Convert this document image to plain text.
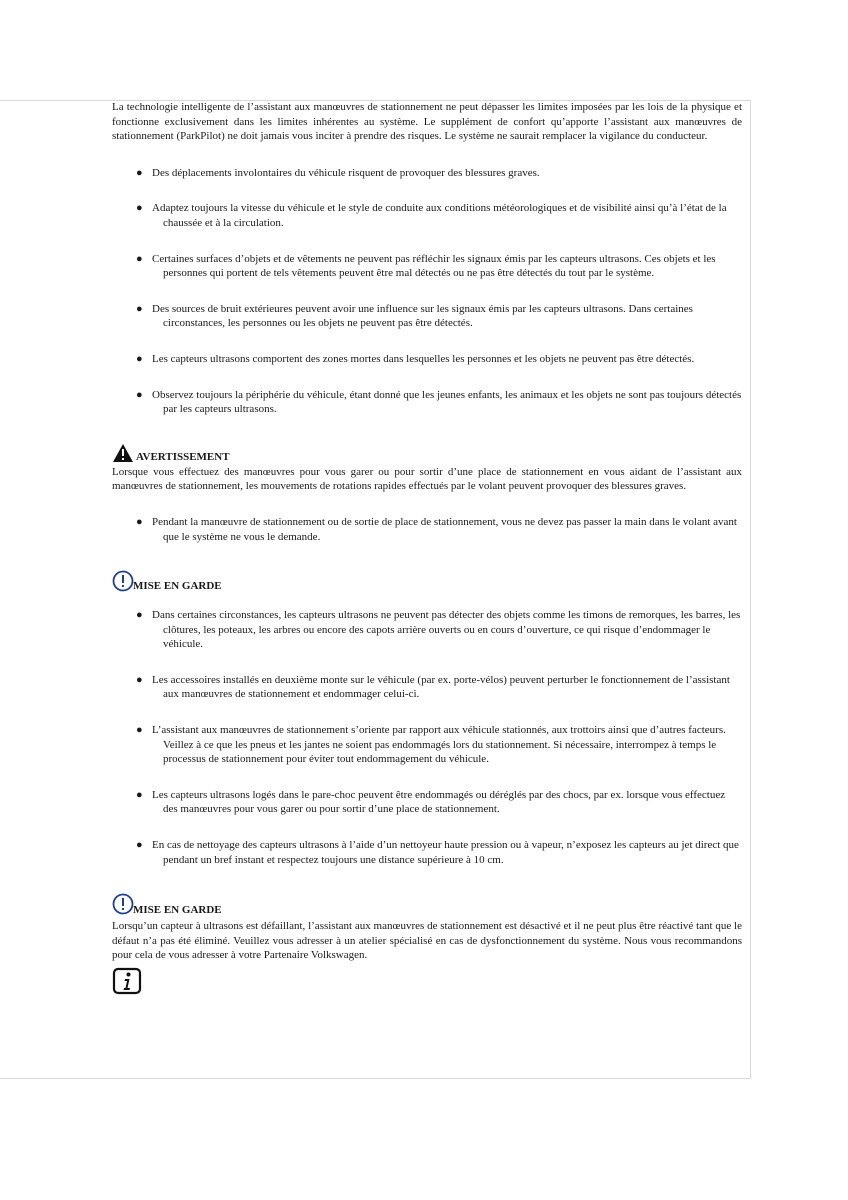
La technologie intelligente de l’assistant aux manœuvres de stationnement ne peut dépasser les limites imposées par les lois de la physique et fonctionne exclusivement dans les limites inhérentes au système. Le supplément de confort qu’apporte l’assistant aux manœuvres de stationnement (ParkPilot) ne doit jamais vous inciter à prendre des risques. Le système ne saurait remplacer la vigilance du conducteur.

● Des déplacements involontaires du véhicule risquent de provoquer des blessures graves.
● Adaptez toujours la vitesse du véhicule et le style de conduite aux conditions météorologiques et de visibilité ainsi qu’à l’état de la chaussée et à la circulation.
● Certaines surfaces d’objets et de vêtements ne peuvent pas réfléchir les signaux émis par les capteurs ultrasons. Ces objets et les personnes qui portent de tels vêtements peuvent être mal détectés ou ne pas être détectés du tout par le système.
● Des sources de bruit extérieures peuvent avoir une influence sur les signaux émis par les capteurs ultrasons. Dans certaines circonstances, les personnes ou les objets ne peuvent pas être détectés.
● Les capteurs ultrasons comportent des zones mortes dans lesquelles les personnes et les objets ne peuvent pas être détectés.
● Observez toujours la périphérie du véhicule, étant donné que les jeunes enfants, les animaux et les objets ne sont pas toujours détectés par les capteurs ultrasons.
AVERTISSEMENT

Lorsque vous effectuez des manœuvres pour vous garer ou pour sortir d’une place de stationnement en vous aidant de l’assistant aux manœuvres de stationnement, les mouvements de rotations rapides effectués par le volant peuvent provoquer des blessures graves.

● Pendant la manœuvre de stationnement ou de sortie de place de stationnement, vous ne devez pas passer la main dans le volant avant que le système ne vous le demande.
MISE EN GARDE
● Dans certaines circonstances, les capteurs ultrasons ne peuvent pas détecter des objets comme les timons de remorques, les barres, les clôtures, les poteaux, les arbres ou encore des capots arrière ouverts ou en cours d’ouverture, ce qui risque d’endommager le véhicule.
● Les accessoires installés en deuxième monte sur le véhicule (par ex. porte-vélos) peuvent perturber le fonctionnement de l’assistant aux manœuvres de stationnement et endommager celui-ci.
● L’assistant aux manœuvres de stationnement s’oriente par rapport aux véhicule stationnés, aux trottoirs ainsi que d’autres facteurs. Veillez à ce que les pneus et les jantes ne soient pas endommagés lors du stationnement. Si nécessaire, interrompez à temps le processus de stationnement pour éviter tout endommagement du véhicule.
● Les capteurs ultrasons logés dans le pare-choc peuvent être endommagés ou déréglés par des chocs, par ex. lorsque vous effectuez des manœuvres pour vous garer ou pour sortir d’une place de stationnement.
● En cas de nettoyage des capteurs ultrasons à l’aide d’un nettoyeur haute pression ou à vapeur, n’exposez les capteurs au jet direct que pendant un bref instant et respectez toujours une distance supérieure à 10 cm.
MISE EN GARDE

Lorsqu’un capteur à ultrasons est défaillant, l’assistant aux manœuvres de stationnement est désactivé et il ne peut plus être réactivé tant que le défaut n’a pas été éliminé. Veuillez vous adresser à un atelier spécialisé en cas de dysfonctionnement du système. Nous vous recommandons pour cela de vous adresser à votre Partenaire Volkswagen.
